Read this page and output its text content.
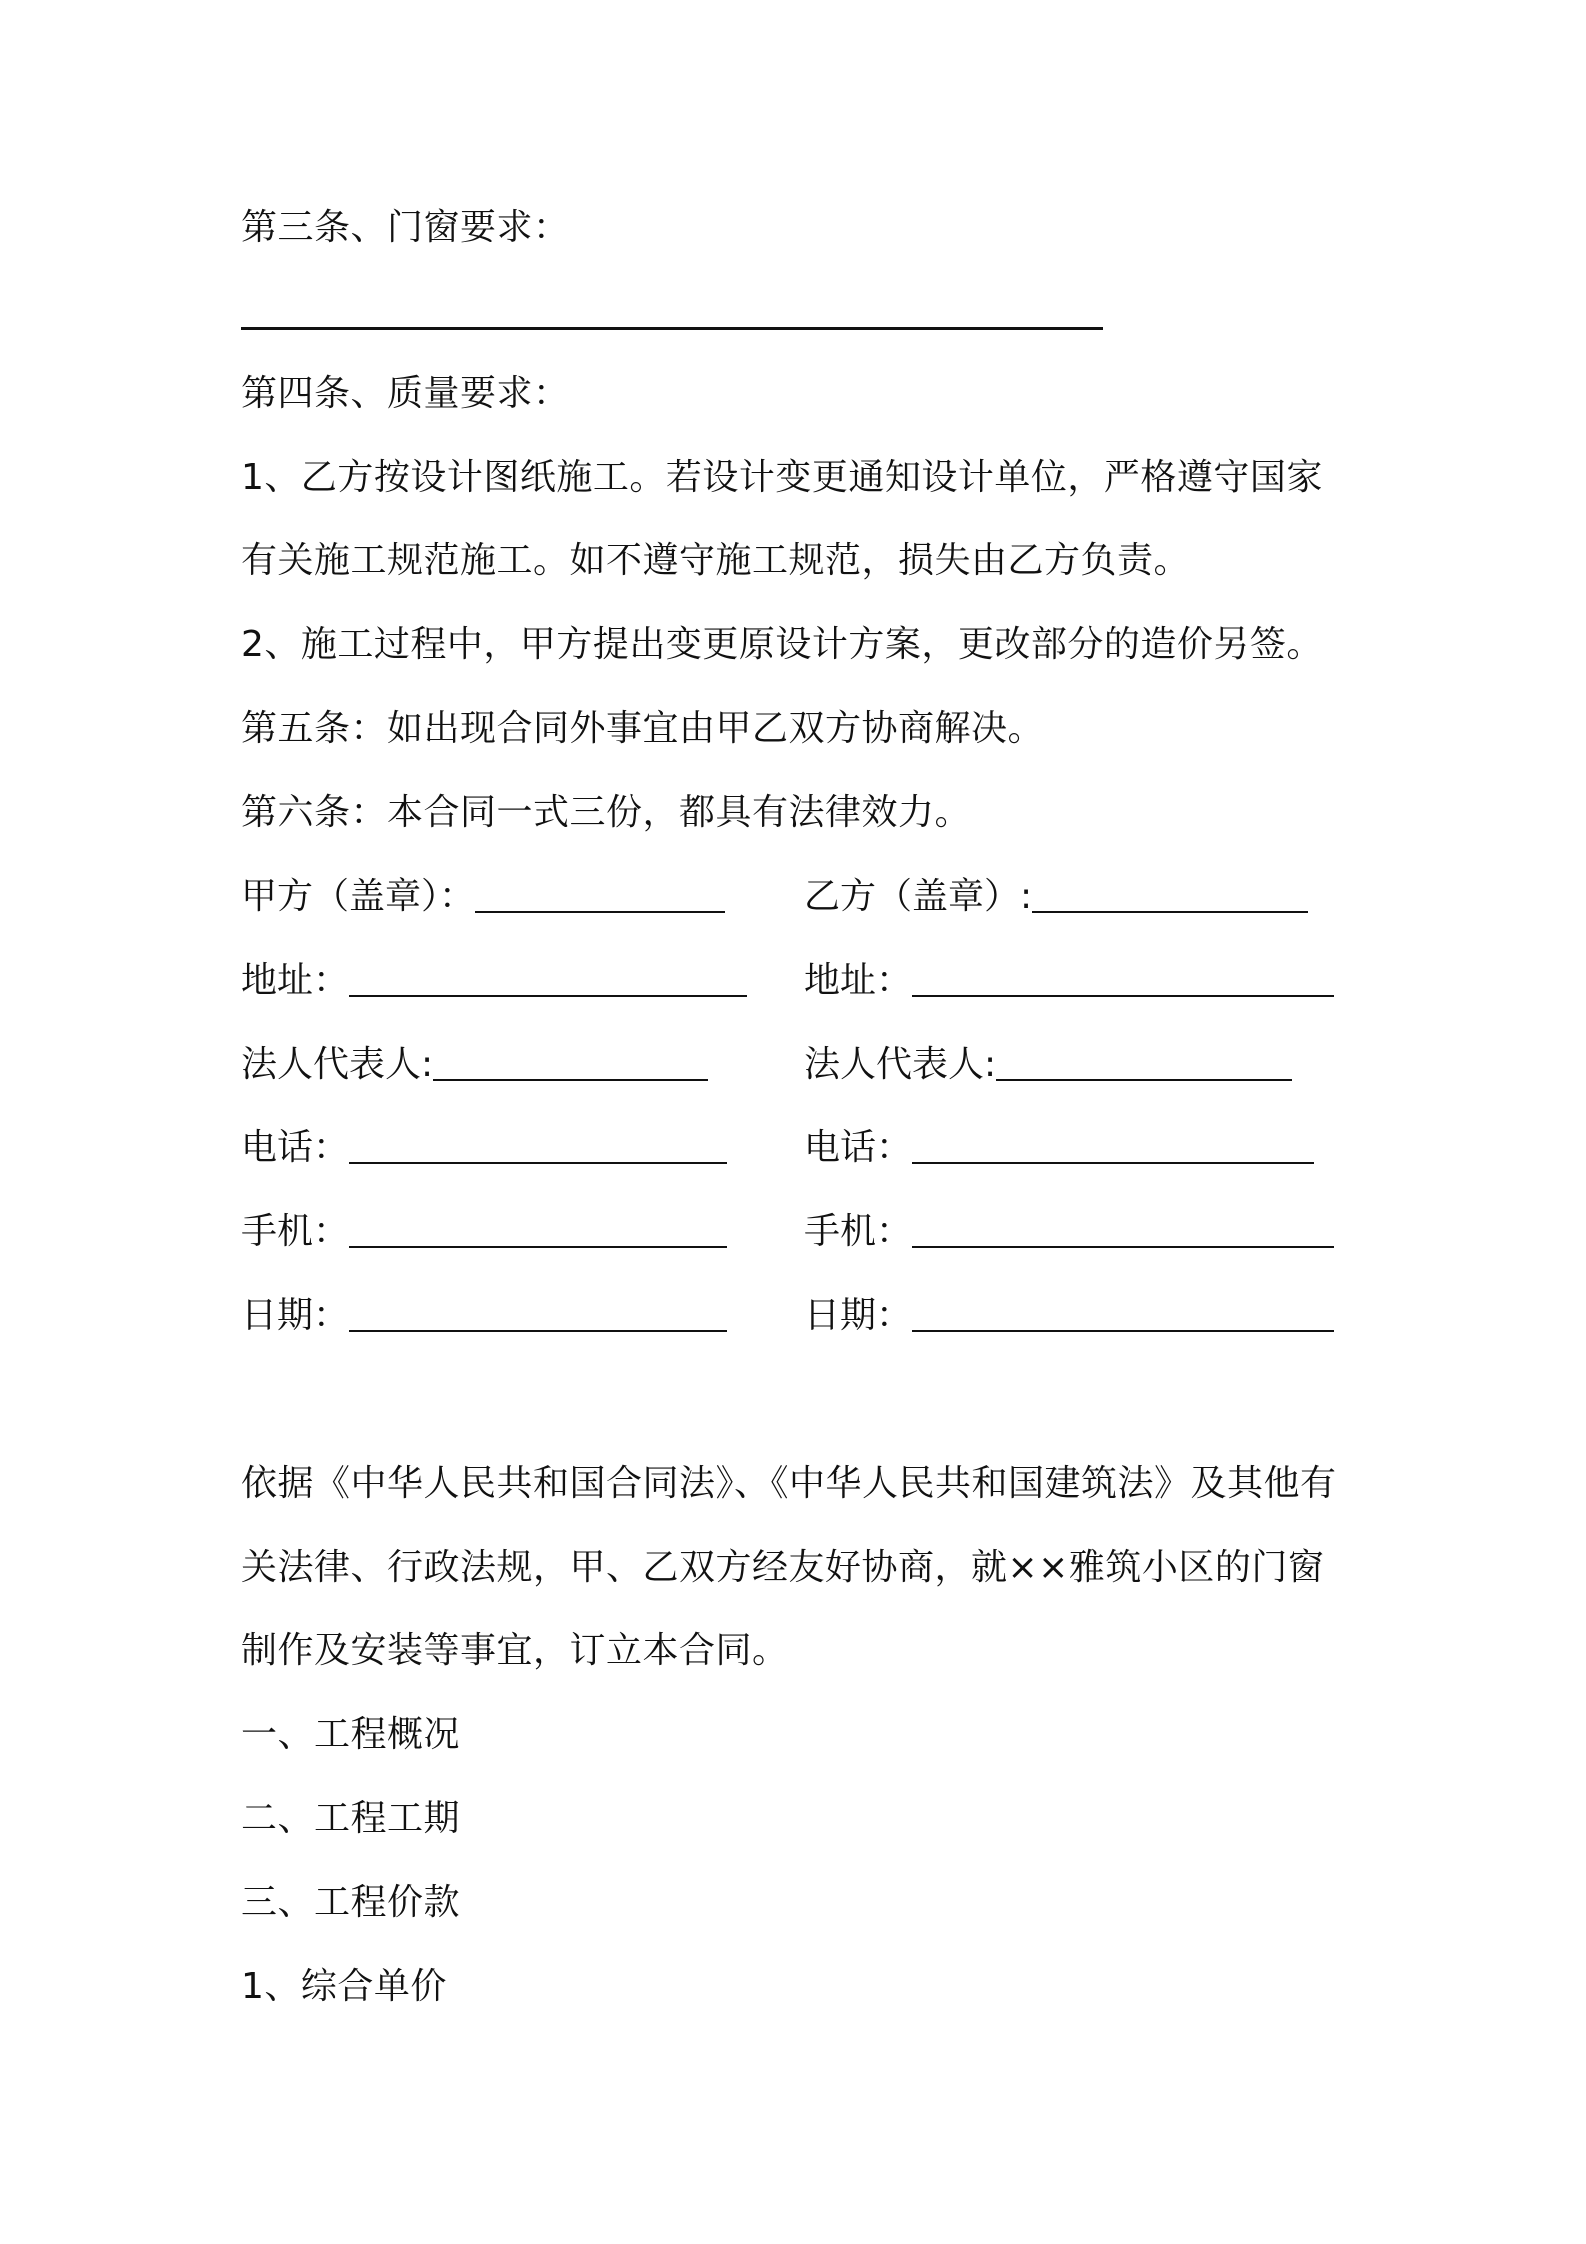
第三条、门窗要求：
第四条、质量要求：
1、乙方按设计图纸施工。若设计变更通知设计单位，严格遵守国家
有关施工规范施工。如不遵守施工规范，损失由乙方负责。
2、施工过程中，甲方提出变更原设计方案，更改部分的造价另签。
第五条：如出现合同外事宜由甲乙双方协商解决。
第六条：本合同一式三份，都具有法律效力。
甲方（盖章）：	乙方（盖章）:
地址：	地址：
法人代表人:	法人代表人:
电话：	电话：
手机：	手机：
日期：	日期：
依据《中华人民共和国合同法》、《中华人民共和国建筑法》及其他有
关法律、行政法规，甲、乙双方经友好协商，就××雅筑小区的门窗
制作及安装等事宜，订立本合同。
一、工程概况
二、工程工期
三、工程价款
1、综合单价
